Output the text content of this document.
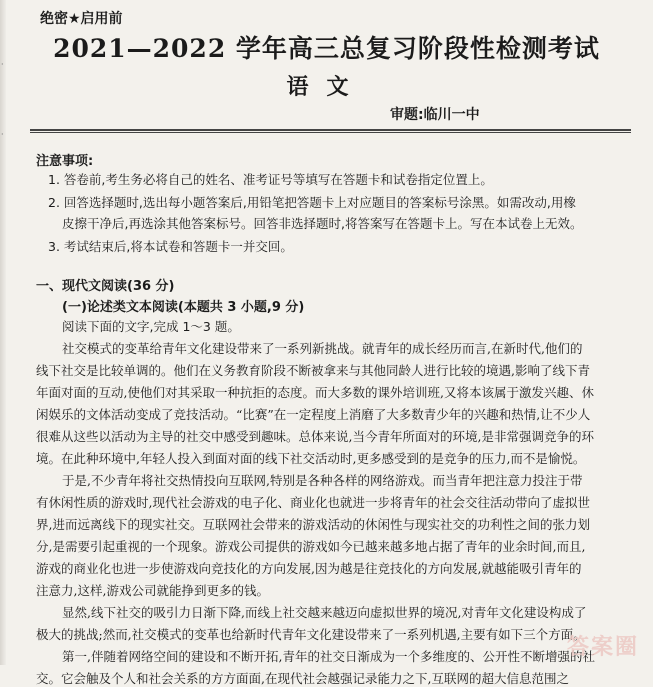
·
·
绝密★启用前
2021—2022 学年高三总复习阶段性检测考试
语文
审题:临川一中
注意事项:
1. 答卷前,考生务必将自己的姓名、准考证号等填写在答题卡和试卷指定位置上。
2. 回答选择题时,选出每小题答案后,用铅笔把答题卡上对应题目的答案标号涂黑。如需改动,用橡
皮擦干净后,再选涂其他答案标号。回答非选择题时,将答案写在答题卡上。写在本试卷上无效。
3. 考试结束后,将本试卷和答题卡一并交回。
一、现代文阅读(36 分)
(一)论述类文本阅读(本题共 3 小题,9 分)
阅读下面的文字,完成 1～3 题。
社交模式的变革给青年文化建设带来了一系列新挑战。就青年的成长经历而言,在新时代,他们的
线下社交是比较单调的。他们在义务教育阶段不断被拿来与其他同龄人进行比较的境遇,影响了线下青
年面对面的互动,使他们对其采取一种抗拒的态度。而大多数的课外培训班,又将本该属于激发兴趣、休
闲娱乐的文体活动变成了竞技活动。“比赛”在一定程度上消磨了大多数青少年的兴趣和热情,让不少人
很难从这些以活动为主导的社交中感受到趣味。总体来说,当今青年所面对的环境,是非常强调竞争的环
境。在此种环境中,年轻人投入到面对面的线下社交活动时,更多感受到的是竞争的压力,而不是愉悦。
于是,不少青年将社交热情投向互联网,特别是各种各样的网络游戏。而当青年把注意力投注于带
有休闲性质的游戏时,现代社会游戏的电子化、商业化也就进一步将青年的社会交往活动带向了虚拟世
界,进而远离线下的现实社交。互联网社会带来的游戏活动的休闲性与现实社交的功利性之间的张力划
分,是需要引起重视的一个现象。游戏公司提供的游戏如今已越来越多地占据了青年的业余时间,而且,
游戏的商业化也进一步使游戏向竞技化的方向发展,因为越是往竞技化的方向发展,就越能吸引青年的
注意力,这样,游戏公司就能挣到更多的钱。
显然,线下社交的吸引力日渐下降,而线上社交越来越迈向虚拟世界的境况,对青年文化建设构成了
极大的挑战;然而,社交模式的变革也给新时代青年文化建设带来了一系列机遇,主要有如下三个方面。
第一,伴随着网络空间的建设和不断开拓,青年的社交日渐成为一个多维度的、公开性不断增强的社
交。它会触及个人和社会关系的方方面面,在现代社会越强记录能力之下,互联网的超大信息范围之
答案圈
